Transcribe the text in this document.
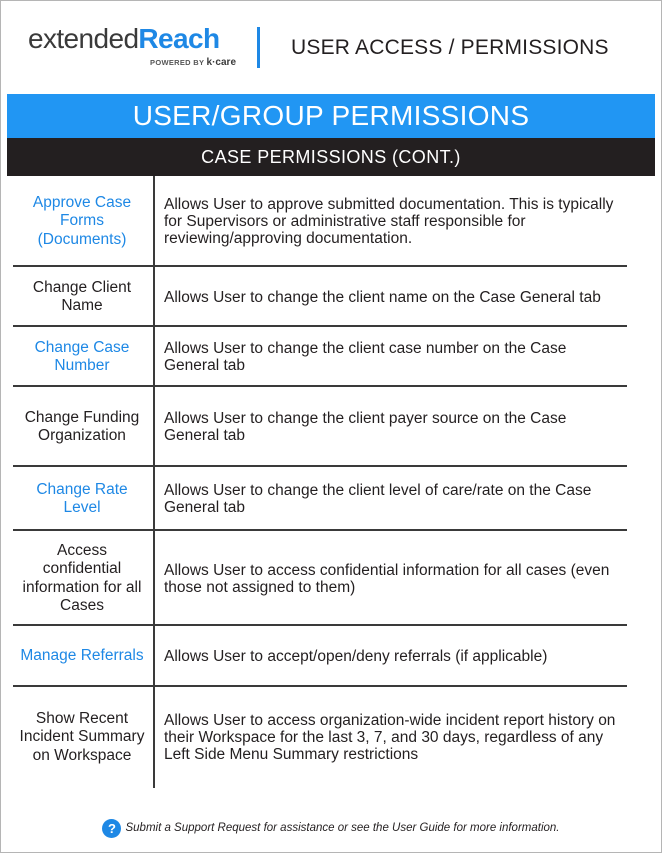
extendedReach
POWERED BY k·care
USER ACCESS / PERMISSIONS
USER/GROUP PERMISSIONS
CASE PERMISSIONS (CONT.)
Approve Case Forms (Documents)
Allows User to approve submitted documentation. This is typically for Supervisors or administrative staff responsible for reviewing/approving documentation.
Change Client Name	Allows User to change the client name on the Case General tab
Change Case Number
Allows User to change the client case number on the Case General tab
Change Funding Organization
Allows User to change the client payer source on the Case General tab
Change Rate Level
Allows User to change the client level of care/rate on the Case General tab
Access confidential information for all Cases
Allows User to access confidential information for all cases (even those not assigned to them)
Manage Referrals	Allows User to accept/open/deny referrals (if applicable)
Show Recent Incident Summary on Workspace
Allows User to access organization-wide incident report history on their Workspace for the last 3, 7, and 30 days, regardless of any Left Side Menu Summary restrictions
? Submit a Support Request for assistance or see the User Guide for more information.
